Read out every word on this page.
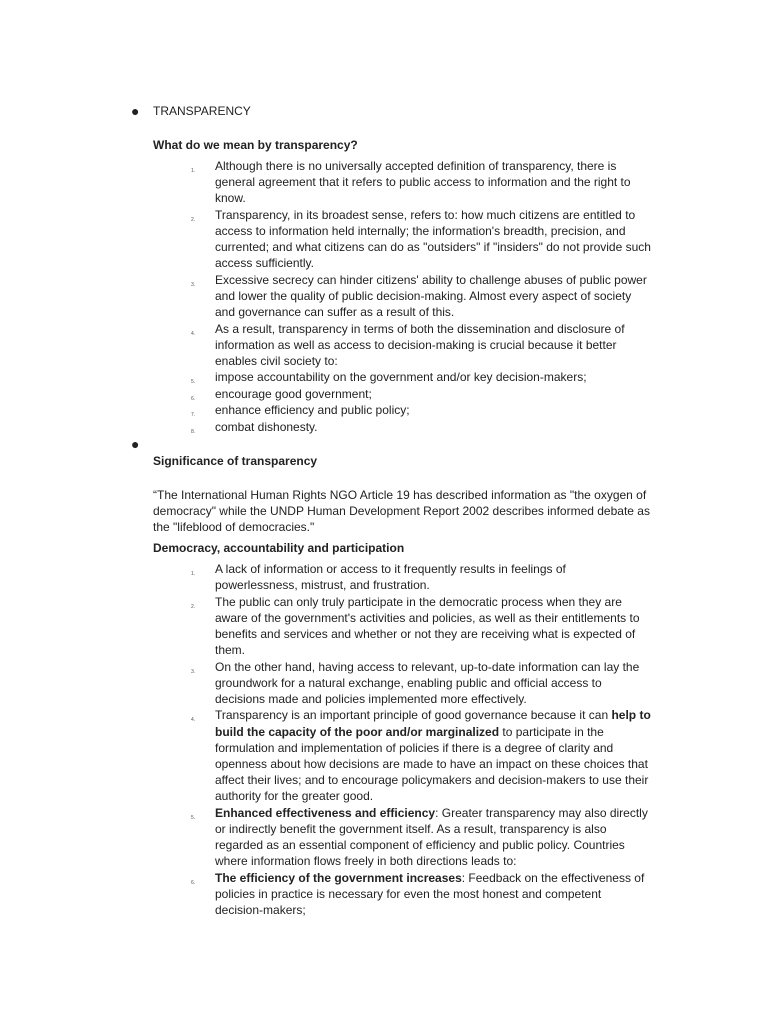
● TRANSPARENCY
What do we mean by transparency?
1. Although there is no universally accepted definition of transparency, there is general agreement that it refers to public access to information and the right to know.
2. Transparency, in its broadest sense, refers to: how much citizens are entitled to access to information held internally; the information's breadth, precision, and currented; and what citizens can do as "outsiders" if "insiders" do not provide such access sufficiently.
3. Excessive secrecy can hinder citizens' ability to challenge abuses of public power and lower the quality of public decision-making. Almost every aspect of society and governance can suffer as a result of this.
4. As a result, transparency in terms of both the dissemination and disclosure of information as well as access to decision-making is crucial because it better enables civil society to:
5. impose accountability on the government and/or key decision-makers;
6. encourage good government;
7. enhance efficiency and public policy;
8. combat dishonesty.
●
Significance of transparency
“The International Human Rights NGO Article 19 has described information as "the oxygen of democracy" while the UNDP Human Development Report 2002 describes informed debate as the "lifeblood of democracies."
Democracy, accountability and participation
1. A lack of information or access to it frequently results in feelings of powerlessness, mistrust, and frustration.
2. The public can only truly participate in the democratic process when they are aware of the government's activities and policies, as well as their entitlements to benefits and services and whether or not they are receiving what is expected of them.
3. On the other hand, having access to relevant, up-to-date information can lay the groundwork for a natural exchange, enabling public and official access to decisions made and policies implemented more effectively.
4. Transparency is an important principle of good governance because it can help to build the capacity of the poor and/or marginalized to participate in the formulation and implementation of policies if there is a degree of clarity and openness about how decisions are made to have an impact on these choices that affect their lives; and to encourage policymakers and decision-makers to use their authority for the greater good.
5. Enhanced effectiveness and efficiency: Greater transparency may also directly or indirectly benefit the government itself. As a result, transparency is also regarded as an essential component of efficiency and public policy. Countries where information flows freely in both directions leads to:
6. The efficiency of the government increases: Feedback on the effectiveness of policies in practice is necessary for even the most honest and competent decision-makers;
